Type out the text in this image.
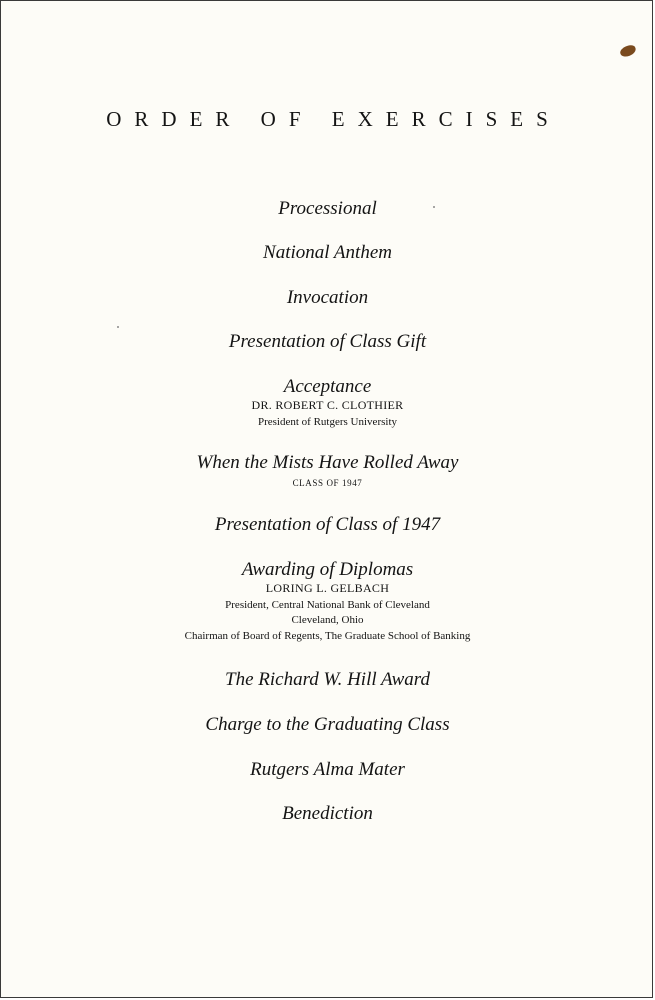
ORDER OF EXERCISES
Processional
National Anthem
Invocation
Presentation of Class Gift
Acceptance
DR. ROBERT C. CLOTHIER
President of Rutgers University
When the Mists Have Rolled Away
CLASS OF 1947
Presentation of Class of 1947
Awarding of Diplomas
LORING L. GELBACH
President, Central National Bank of Cleveland
Cleveland, Ohio
Chairman of Board of Regents, The Graduate School of Banking
The Richard W. Hill Award
Charge to the Graduating Class
Rutgers Alma Mater
Benediction
